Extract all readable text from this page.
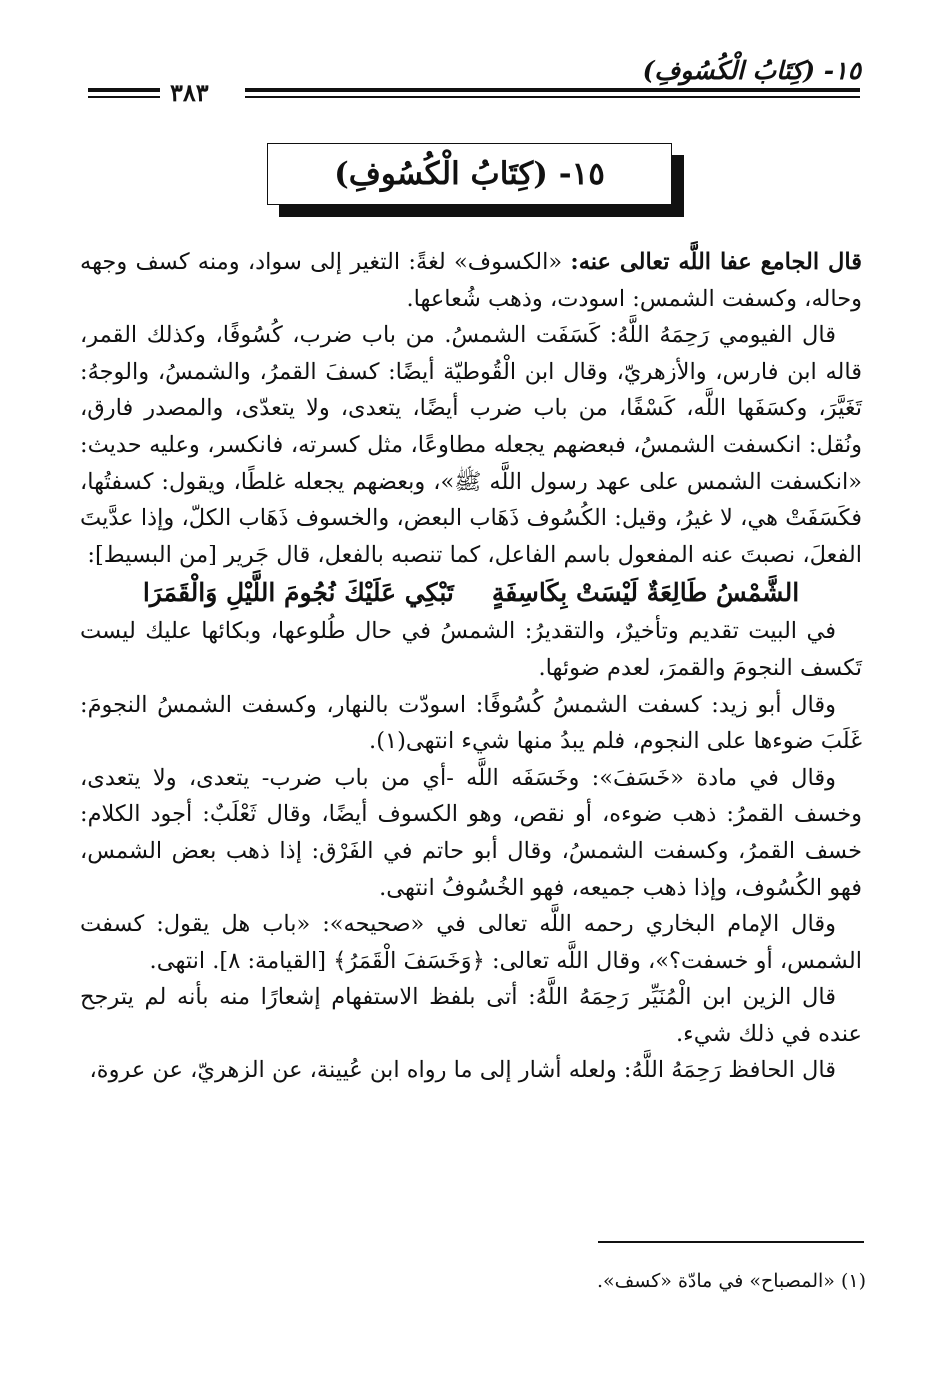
١٥- (كِتَابُ الْكُسُوفِ)
٣٨٣
١٥- (كِتَابُ الْكُسُوفِ)

قال الجامع عفا اللَّه تعالى عنه: «الكسوف» لغةً: التغير إلى سواد، ومنه كسف وجهه وحاله، وكسفت الشمس: اسودت، وذهب شُعاعها.

قال الفيومي رَحِمَهُ اللَّهُ: كَسَفَت الشمسُ. من باب ضرب، كُسُوفًا، وكذلك القمر، قاله ابن فارس، والأزهريّ، وقال ابن الْقُوطيّة أيضًا: كسفَ القمرُ، والشمسُ، والوجهُ: تَغَيَّرَ، وكسَفَها اللَّه، كَسْفًا، من باب ضرب أيضًا، يتعدى، ولا يتعدّى، والمصدر فارق، ونُقل: انكسفت الشمسُ، فبعضهم يجعله مطاوعًا، مثل كسرته، فانكسر، وعليه حديث: «انكسفت الشمس على عهد رسول اللَّه ﷺ»، وبعضهم يجعله غلطًا، ويقول: كسفتُها، فكَسَفَتْ هي، لا غيرُ، وقيل: الكُسُوف ذَهَاب البعض، والخسوف ذَهَاب الكلّ، وإذا عدَّيتَ الفعلَ، نصبتَ عنه المفعول باسم الفاعل، كما تنصبه بالفعل، قال جَرير [من البسيط]:

الشَّمْسُ طَالِعَةٌ لَيْسَتْ بِكَاسِفَةٍتَبْكِي عَلَيْكَ نُجُومَ اللَّيْلِ وَالْقَمَرَا

في البيت تقديم وتأخيرٌ، والتقديرُ: الشمسُ في حال طُلوعها، وبكائها عليك ليست تَكسف النجومَ والقمرَ، لعدم ضوئها.

وقال أبو زيد: كسفت الشمسُ كُسُوفًا: اسودّت بالنهار، وكسفت الشمسُ النجومَ: غَلَبَ ضوءها على النجوم، فلم يبدُ منها شيء انتهى(١).

وقال في مادة «خَسَفَ»: وخَسَفَه اللَّه -أي من باب ضرب- يتعدى، ولا يتعدى، وخسف القمرُ: ذهب ضوءه، أو نقص، وهو الكسوف أيضًا، وقال ثَعْلَبٌ: أجود الكلام: خسف القمرُ، وكسفت الشمسُ، وقال أبو حاتم في الفَرْق: إذا ذهب بعض الشمس، فهو الكُسُوف، وإذا ذهب جميعه، فهو الخُسُوفُ انتهى.

وقال الإمام البخاري رحمه اللَّه تعالى في «صحيحه»: «باب هل يقول: كسفت الشمس، أو خسفت؟»، وقال اللَّه تعالى: ﴿وَخَسَفَ الْقَمَرُ﴾ [القيامة: ٨]. انتهى.

قال الزين ابن الْمُنَيِّر رَحِمَهُ اللَّهُ: أتى بلفظ الاستفهام إشعارًا منه بأنه لم يترجح عنده في ذلك شيء.

قال الحافظ رَحِمَهُ اللَّهُ: ولعله أشار إلى ما رواه ابن عُيينة، عن الزهريّ، عن عروة،

(١) «المصباح» في مادّة «كسف».
